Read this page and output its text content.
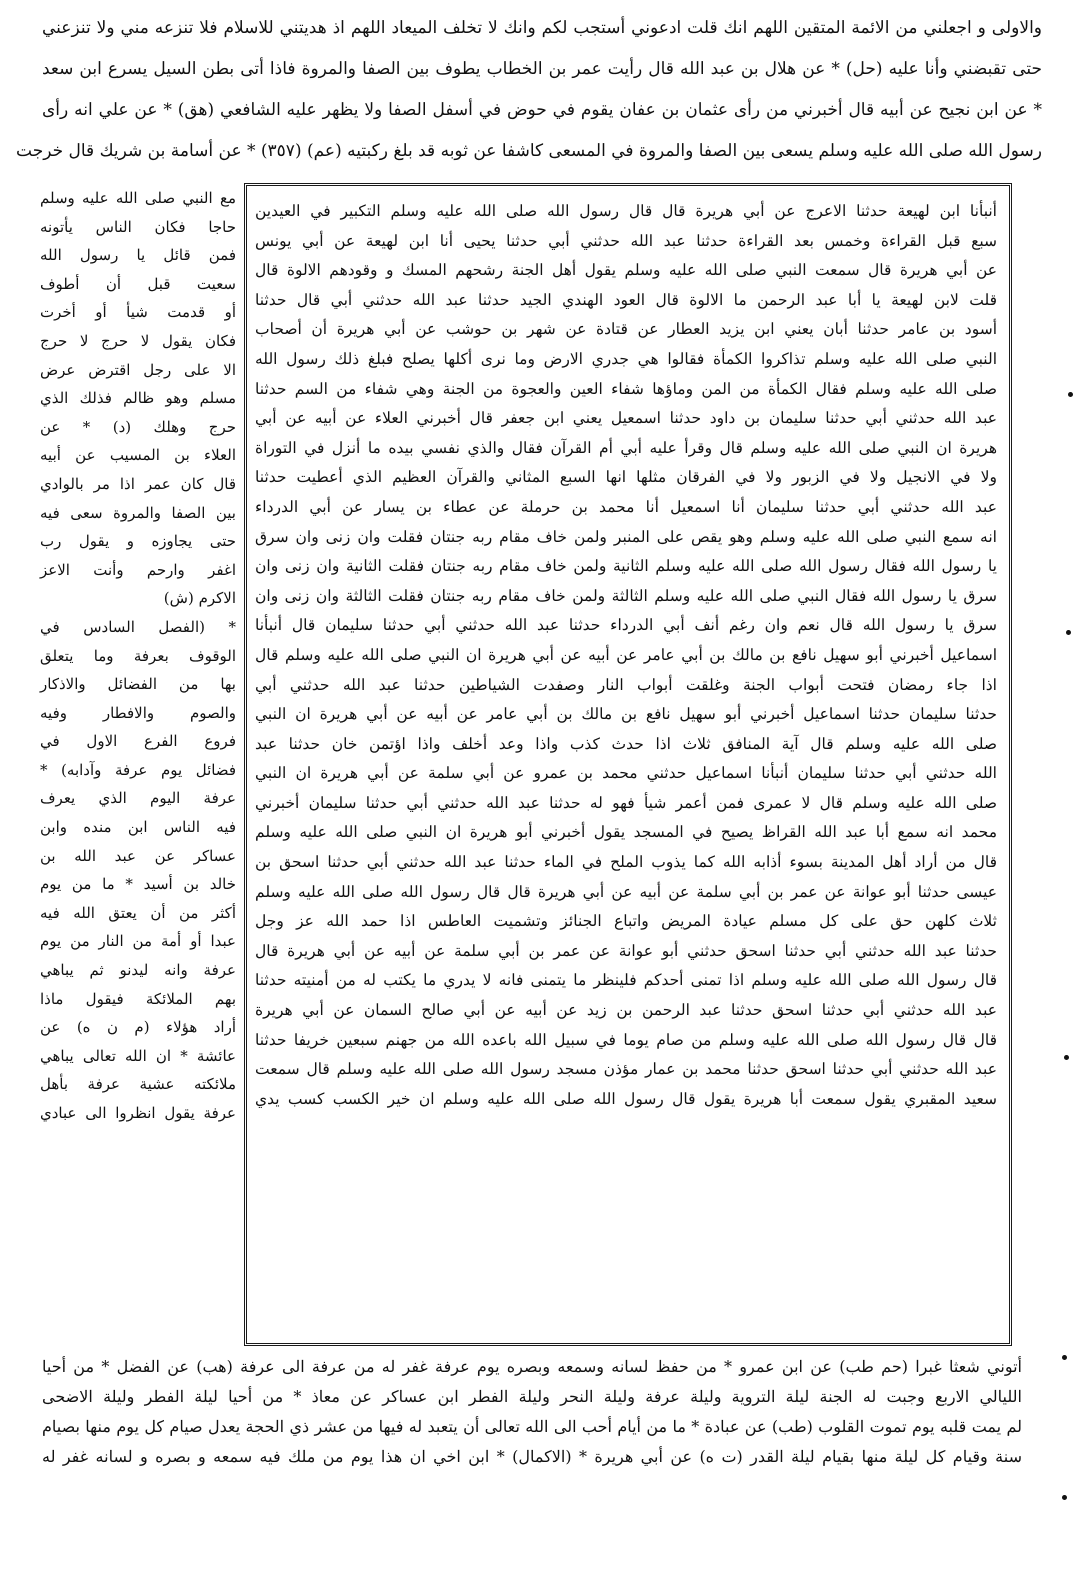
والاولى و اجعلني من الائمة المتقين اللهم انك قلت ادعوني أستجب لكم وانك لا تخلف الميعاد اللهم اذ هديتني للاسلام فلا تنزعه مني ولا تنزعني
حتى تقبضني وأنا عليه (حل) * عن هلال بن عبد الله قال رأيت عمر بن الخطاب يطوف بين الصفا والمروة فاذا أتى بطن السيل يسرع ابن سعد
* عن ابن نجيح عن أبيه قال أخبرني من رأى عثمان بن عفان يقوم في حوض في أسفل الصفا ولا يظهر عليه الشافعي (هق) * عن علي انه رأى
رسول الله صلى الله عليه وسلم يسعى بين الصفا والمروة في المسعى كاشفا عن ثوبه قد بلغ ركبتيه (عم) (٣٥٧) * عن أسامة بن شريك قال خرجت
أنبأنا ابن لهيعة حدثنا الاعرج عن أبي هريرة قال قال رسول الله صلى الله عليه وسلم التكبير في العيدين
سبع قبل القراءة وخمس بعد القراءة حدثنا عبد الله حدثني أبي حدثنا يحيى أنا ابن لهيعة عن أبي يونس
عن أبي هريرة قال سمعت النبي صلى الله عليه وسلم يقول أهل الجنة رشحهم المسك و وقودهم الالوة قال
قلت لابن لهيعة يا أبا عبد الرحمن ما الالوة قال العود الهندي الجيد حدثنا عبد الله حدثني أبي قال حدثنا
أسود بن عامر حدثنا أبان يعني ابن يزيد العطار عن قتادة عن شهر بن حوشب عن أبي هريرة أن أصحاب
النبي صلى الله عليه وسلم تذاكروا الكمأة فقالوا هي جدري الارض وما نرى أكلها يصلح فبلغ ذلك رسول الله
صلى الله عليه وسلم فقال الكمأة من المن وماؤها شفاء العين والعجوة من الجنة وهي شفاء من السم حدثنا
عبد الله حدثني أبي حدثنا سليمان بن داود حدثنا اسمعيل يعني ابن جعفر قال أخبرني العلاء عن أبيه عن أبي
هريرة ان النبي صلى الله عليه وسلم قال وقرأ عليه أبي أم القرآن فقال والذي نفسي بيده ما أنزل في التوراة
ولا في الانجيل ولا في الزبور ولا في الفرقان مثلها انها السبع المثاني والقرآن العظيم الذي أعطيت حدثنا
عبد الله حدثني أبي حدثنا سليمان أنا اسمعيل أنا محمد بن حرملة عن عطاء بن يسار عن أبي الدرداء
انه سمع النبي صلى الله عليه وسلم وهو يقص على المنبر ولمن خاف مقام ربه جنتان فقلت وان زنى وان سرق
يا رسول الله فقال رسول الله صلى الله عليه وسلم الثانية ولمن خاف مقام ربه جنتان فقلت الثانية وان زنى وان
سرق يا رسول الله فقال النبي صلى الله عليه وسلم الثالثة ولمن خاف مقام ربه جنتان فقلت الثالثة وان زنى وان
سرق يا رسول الله قال نعم وان رغم أنف أبي الدرداء حدثنا عبد الله حدثني أبي حدثنا سليمان قال أنبأنا
اسماعيل أخبرني أبو سهيل نافع بن مالك بن أبي عامر عن أبيه عن أبي هريرة ان النبي صلى الله عليه وسلم قال
اذا جاء رمضان فتحت أبواب الجنة وغلقت أبواب النار وصفدت الشياطين حدثنا عبد الله حدثني أبي
حدثنا سليمان حدثنا اسماعيل أخبرني أبو سهيل نافع بن مالك بن أبي عامر عن أبيه عن أبي هريرة ان النبي
صلى الله عليه وسلم قال آية المنافق ثلاث اذا حدث كذب واذا وعد أخلف واذا اؤتمن خان حدثنا عبد
الله حدثني أبي حدثنا سليمان أنبأنا اسماعيل حدثني محمد بن عمرو عن أبي سلمة عن أبي هريرة ان النبي
صلى الله عليه وسلم قال لا عمرى فمن أعمر شيأ فهو له حدثنا عبد الله حدثني أبي حدثنا سليمان أخبرني
محمد انه سمع أبا عبد الله القراظ يصيح في المسجد يقول أخبرني أبو هريرة ان النبي صلى الله عليه وسلم
قال من أراد أهل المدينة بسوء أذابه الله كما يذوب الملح في الماء حدثنا عبد الله حدثني أبي حدثنا اسحق بن
عيسى حدثنا أبو عوانة عن عمر بن أبي سلمة عن أبيه عن أبي هريرة قال قال رسول الله صلى الله عليه وسلم
ثلاث كلهن حق على كل مسلم عيادة المريض واتباع الجنائز وتشميت العاطس اذا حمد الله عز وجل
حدثنا عبد الله حدثني أبي حدثنا اسحق حدثني أبو عوانة عن عمر بن أبي سلمة عن أبيه عن أبي هريرة قال
قال رسول الله صلى الله عليه وسلم اذا تمنى أحدكم فلينظر ما يتمنى فانه لا يدري ما يكتب له من أمنيته حدثنا
عبد الله حدثني أبي حدثنا اسحق حدثنا عبد الرحمن بن زيد عن أبيه عن أبي صالح السمان عن أبي هريرة
قال قال رسول الله صلى الله عليه وسلم من صام يوما في سبيل الله باعده الله من جهنم سبعين خريفا حدثنا
عبد الله حدثني أبي حدثنا اسحق حدثنا محمد بن عمار مؤذن مسجد رسول الله صلى الله عليه وسلم قال سمعت
سعيد المقبري يقول سمعت أبا هريرة يقول قال رسول الله صلى الله عليه وسلم ان خير الكسب كسب يدي
مع النبي صلى الله عليه وسلم
حاجا فكان الناس يأتونه
فمن قائل يا رسول الله
سعيت قبل أن أطوف
أو قدمت شيأ أو أخرت
فكان يقول لا حرج لا حرج
الا على رجل اقترض عرض
مسلم وهو ظالم فذلك الذي
حرج وهلك (د) * عن
العلاء بن المسيب عن أبيه
قال كان عمر اذا مر بالوادي
بين الصفا والمروة سعى فيه
حتى يجاوزه و يقول رب
اغفر وارحم وأنت الاعز
الاكرم (ش)
* (الفصل السادس في
الوقوف بعرفة وما يتعلق
بها من الفضائل والاذكار
والصوم والافطار وفيه
فروع الفرع الاول في
فضائل يوم عرفة وآدابه) *
عرفة اليوم الذي يعرف
فيه الناس ابن منده وابن
عساكر عن عبد الله بن
خالد بن أسيد * ما من يوم
أكثر من أن يعتق الله فيه
عبدا أو أمة من النار من يوم
عرفة وانه ليدنو ثم يباهي
بهم الملائكة فيقول ماذا
أراد هؤلاء (م ن ه) عن
عائشة * ان الله تعالى يباهي
ملائكته عشية عرفة بأهل
عرفة يقول انظروا الى عبادي
أتوني شعثا غبرا (حم طب) عن ابن عمرو * من حفظ لسانه وسمعه وبصره يوم عرفة غفر له من عرفة الى عرفة (هب) عن الفضل * من أحيا
الليالي الاربع وجبت له الجنة ليلة التروية وليلة عرفة وليلة النحر وليلة الفطر ابن عساكر عن معاذ * من أحيا ليلة الفطر وليلة الاضحى
لم يمت قلبه يوم تموت القلوب (طب) عن عبادة * ما من أيام أحب الى الله تعالى أن يتعبد له فيها من عشر ذي الحجة يعدل صيام كل يوم منها بصيام
سنة وقيام كل ليلة منها بقيام ليلة القدر (ت ه) عن أبي هريرة * (الاكمال) * ابن اخي ان هذا يوم من ملك فيه سمعه و بصره و لسانه غفر له
